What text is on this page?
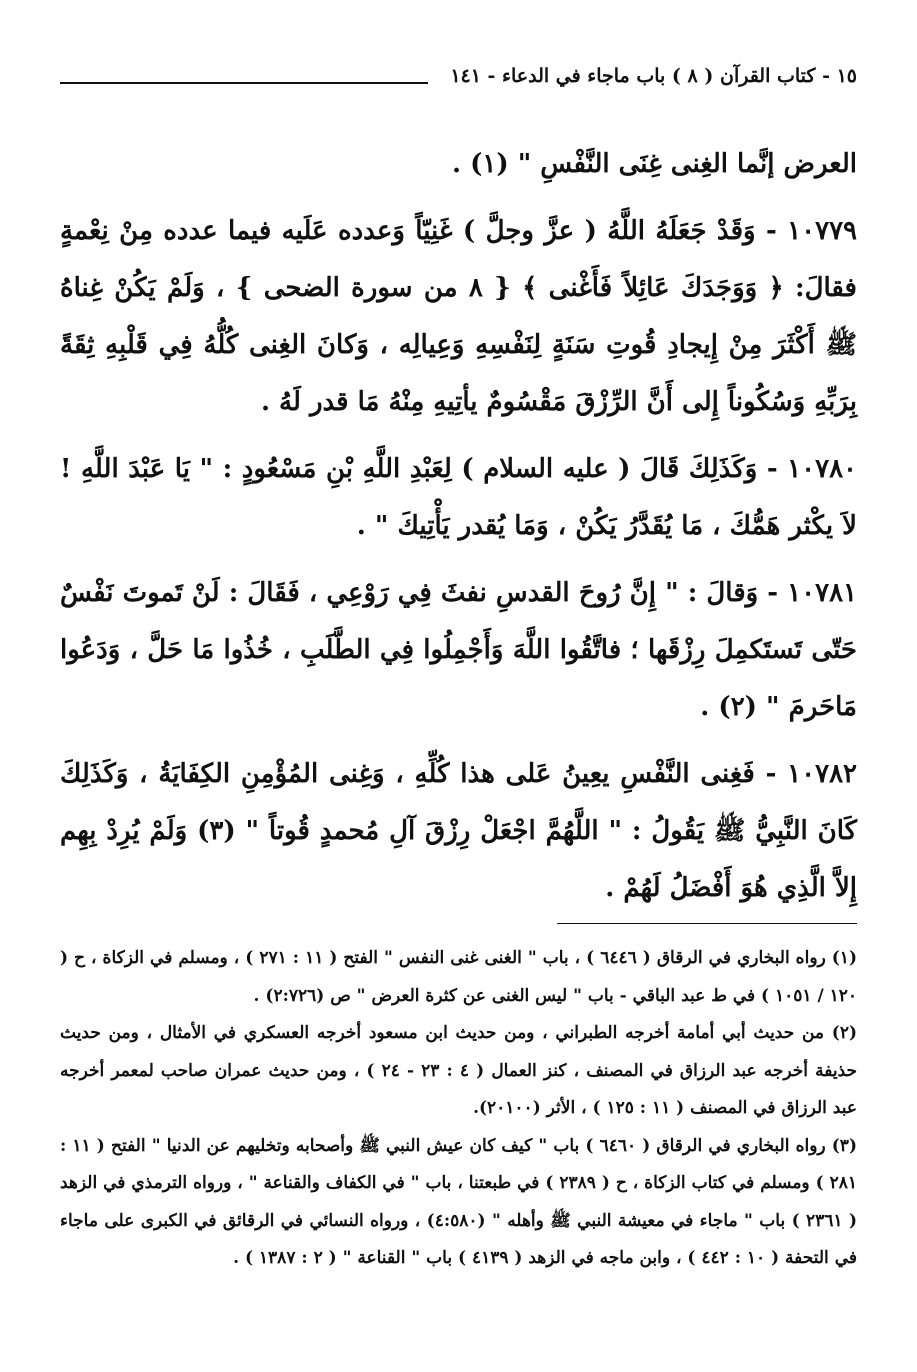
١٥ - كتاب القرآن ( ٨ ) باب ماجاء في الدعاء - ١٤١

العرض إنَّما الغِنى غِنَى النَّفْسِ " (١) .

١٠٧٧٩ - وَقَدْ جَعَلَهُ اللَّهُ ( عزَّ وجلَّ ) غَنِيّاً وَعدده عَلَيه فيما عدده مِنْ نِعْمةٍ فقالَ: ﴿ وَوَجَدَكَ عَائِلاً فَأَغْنى ﴾ { ٨ من سورة الضحى } ، وَلَمْ يَكُنْ غِناهُ ﷺ أَكْثَرَ مِنْ إِيجادِ قُوتِ سَنَةٍ لِنَفْسِهِ وَعِيالِه ، وَكانَ الغِنى كُلُّهُ فِي قَلْبِهِ ثِقَةً بِرَبِّهِ وَسُكُوناً إِلى أَنَّ الرِّزْقَ مَقْسُومٌ يأتِيهِ مِنْهُ مَا قدر لَهُ .

١٠٧٨٠ - وَكَذَلِكَ قَالَ ( عليه السلام ) لِعَبْدِ اللَّهِ بْنِ مَسْعُودٍ : " يَا عَبْدَ اللَّهِ ! لاَ يكْثر هَمُّكَ ، مَا يُقَدَّرُ يَكُنْ ، وَمَا يُقدر يَأْتِيكَ " .

١٠٧٨١ - وَقالَ : " إِنَّ رُوحَ القدسِ نفثَ فِي رَوْعِي ، فَقَالَ : لَنْ تَموتَ نَفْسٌ حَتّى تَستَكمِلَ رِزْقَها ؛ فاتَّقُوا اللَّهَ وَأَجْمِلُوا فِي الطَّلَبِ ، خُذُوا مَا حَلَّ ، وَدَعُوا مَاحَرمَ " (٢) .

١٠٧٨٢ - فَغِنى النَّفْسِ يعِينُ عَلى هذا كُلِّهِ ، وَغِنى المُؤْمِنِ الكِفَايَةُ ، وَكَذَلِكَ كَانَ النَّبِيُّ ﷺ يَقُولُ : " اللَّهُمَّ اجْعَلْ رِزْقَ آلِ مُحمدٍ قُوتاً " (٣) وَلَمْ يُرِدْ بِهِم إِلاَّ الَّذِي هُوَ أَفْضَلُ لَهُمْ .

(١) رواه البخاري في الرقاق ( ٦٤٤٦ ) ، باب " الغنى غنى النفس " الفتح ( ١١ : ٢٧١ ) ، ومسلم في الزكاة ، ح ( ١٢٠ / ١٠٥١ ) في ط عبد الباقي - باب " ليس الغنى عن كثرة العرض " ص (٢:٧٢٦) .

(٢) من حديث أبي أمامة أخرجه الطبراني ، ومن حديث ابن مسعود أخرجه العسكري في الأمثال ، ومن حديث حذيفة أخرجه عبد الرزاق في المصنف ، كنز العمال ( ٤ : ٢٣ - ٢٤ ) ، ومن حديث عمران صاحب لمعمر أخرجه عبد الرزاق في المصنف ( ١١ : ١٢٥ ) ، الأثر (٢٠١٠٠).

(٣) رواه البخاري في الرقاق ( ٦٤٦٠ ) باب " كيف كان عيش النبي ﷺ وأصحابه وتخليهم عن الدنيا " الفتح ( ١١ : ٢٨١ ) ومسلم في كتاب الزكاة ، ح ( ٢٣٨٩ ) في طبعتنا ، باب " في الكفاف والقناعة " ، ورواه الترمذي في الزهد ( ٢٣٦١ ) باب " ماجاء في معيشة النبي ﷺ وأهله " (٤:٥٨٠) ، ورواه النسائي في الرقائق في الكبرى على ماجاء في التحفة ( ١٠ : ٤٤٢ ) ، وابن ماجه في الزهد ( ٤١٣٩ ) باب " القناعة " ( ٢ : ١٣٨٧ ) .
